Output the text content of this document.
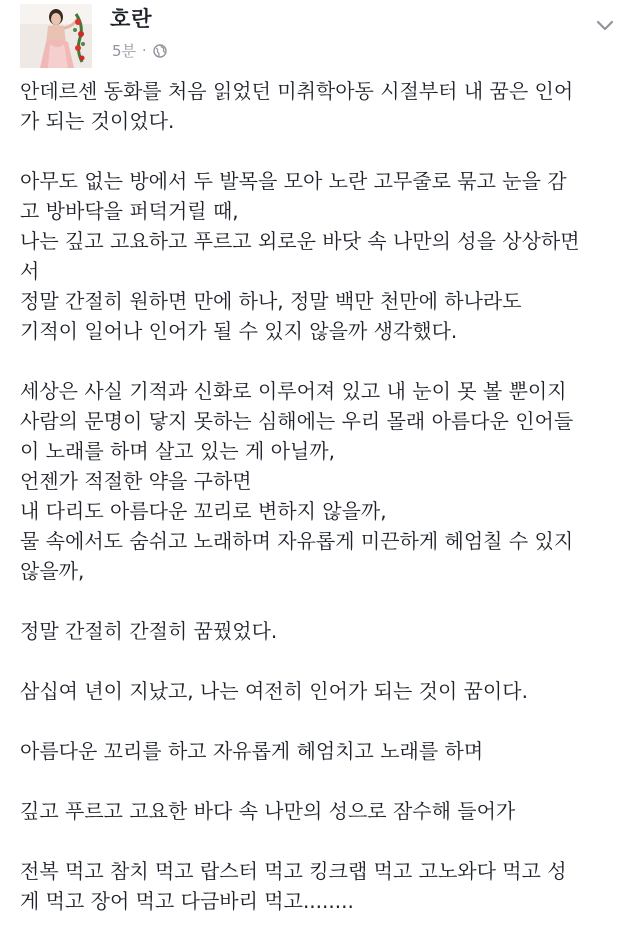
호란
5분 ·

안데르센 동화를 처음 읽었던 미취학아동 시절부터 내 꿈은 인어
가 되는 것이었다.

아무도 없는 방에서 두 발목을 모아 노란 고무줄로 묶고 눈을 감
고 방바닥을 퍼덕거릴 때,
나는 깊고 고요하고 푸르고 외로운 바닷 속 나만의 성을 상상하면
서
정말 간절히 원하면 만에 하나, 정말 백만 천만에 하나라도
기적이 일어나 인어가 될 수 있지 않을까 생각했다.

세상은 사실 기적과 신화로 이루어져 있고 내 눈이 못 볼 뿐이지
사람의 문명이 닿지 못하는 심해에는 우리 몰래 아름다운 인어들
이 노래를 하며 살고 있는 게 아닐까,
언젠가 적절한 약을 구하면
내 다리도 아름다운 꼬리로 변하지 않을까,
물 속에서도 숨쉬고 노래하며 자유롭게 미끈하게 헤엄칠 수 있지
않을까,

정말 간절히 간절히 꿈꿨었다.

삼십여 년이 지났고, 나는 여전히 인어가 되는 것이 꿈이다.

아름다운 꼬리를 하고 자유롭게 헤엄치고 노래를 하며

깊고 푸르고 고요한 바다 속 나만의 성으로 잠수해 들어가

전복 먹고 참치 먹고 랍스터 먹고 킹크랩 먹고 고노와다 먹고 성
게 먹고 장어 먹고 다금바리 먹고........
